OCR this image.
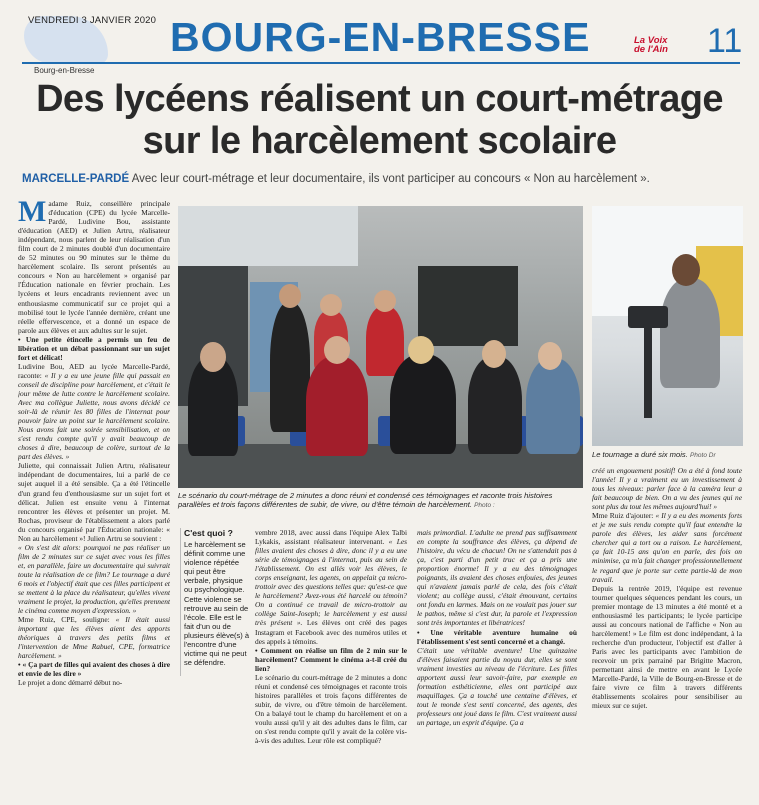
VENDREDI 3 JANVIER 2020 BOURG-EN-BRESSE	La Voix
de l'Ain	11
Bourg-en-Bresse
Des lycéens réalisent un court-métrage
sur le harcèlement scolaire
MARCELLE-PARDÉ Avec leur court-métrage et leur documentaire, ils vont participer au concours « Non au harcèlement ».

Madame Ruiz, conseillère principale d'éducation (CPE) du lycée Marcelle-Pardé, Ludivine Bou, assistante d'éducation (AED) et Julien Artru, réalisateur indépendant, nous parlent de leur réalisation d'un film court de 2 minutes doublé d'un documentaire de 52 minutes ou 90 minutes sur le thème du harcèlement scolaire. Ils seront présentés au concours « Non au harcèlement » organisé par l'Éducation nationale en février prochain. Les lycéens et leurs encadrants reviennent avec un enthousiasme communicatif sur ce projet qui a mobilisé tout le lycée l'année dernière, créant une réelle effervescence, et a donné un espace de parole aux élèves et aux adultes sur le sujet.

• Une petite étincelle a permis un feu de libération et un débat passionnant sur un sujet fort et délicat!

Ludivine Bou, AED au lycée Marcelle-Pardé, raconte: « Il y a eu une jeune fille qui passait en conseil de discipline pour harcèlement, et c'était le jour même de lutte contre le harcèlement scolaire. Avec ma collègue Juliette, nous avons décidé ce soir-là de réunir les 80 filles de l'internat pour pouvoir faire un point sur le harcèlement scolaire. Nous avons fait une soirée sensibilisation, et on s'est rendu compte qu'il y avait beaucoup de choses à dire, beaucoup de colère, surtout de la part des élèves. »

Juliette, qui connaissait Julien Artru, réalisateur indépendant de documentaires, lui a parlé de ce sujet auquel il a été sensible. Ça a été l'étincelle d'un grand feu d'enthousiasme sur un sujet fort et délicat. Julien est ensuite venu à l'internat rencontrer les élèves et présenter un projet. M. Rochas, proviseur de l'établissement a alors parlé du concours organisé par l'Éducation nationale: « Non au harcèlement »! Julien Artru se souvient :

« On s'est dit alors: pourquoi ne pas réaliser un film de 2 minutes sur ce sujet avec vous les filles et, en parallèle, faire un documentaire qui suivrait toute la réalisation de ce film? Le tournage a duré 6 mois et l'objectif était que ces filles participent et se mettent à la place du réalisateur, qu'elles vivent vraiment le projet, la production, qu'elles prennent le cinéma comme moyen d'expression. »

Mme Ruiz, CPE, souligne: « Il était aussi important que les élèves aient des apports théoriques à travers des petits films et l'intervention de Mme Rabuel, CPE, formatrice harcèlement. »

• « Ça part de filles qui avaient des choses à dire et envie de les dire »

Le projet a donc démarré début no-

Le scénario du court-métrage de 2 minutes a donc réuni et condensé ces témoignages et raconte trois histoires parallèles et trois façons différentes de subir, de vivre, ou d'être témoin de harcèlement. Photo :
Le tournage a duré six mois. Photo Dr
C'est quoi ?
Le harcèlement se définit comme une violence répétée qui peut être verbale, physique ou psychologique. Cette violence se retrouve au sein de l'école. Elle est le fait d'un ou de plusieurs élève(s) à l'encontre d'une victime qui ne peut se défendre.

vembre 2018, avec aussi dans l'équipe Alex Talbi Lykakis, assistant réalisateur intervenant. « Les filles avaient des choses à dire, donc il y a eu une série de témoignages à l'internat, puis au sein de l'établissement. On est allés voir les élèves, le corps enseignant, les agents, on appelait ça micro-trottoir avec des questions telles que: qu'est-ce que le harcèlement? Avez-vous été harcelé ou témoin? On a continué ce travail de micro-trottoir au collège Saint-Joseph; le harcèlement y est aussi très présent ». Les élèves ont créé des pages Instagram et Facebook avec des numéros utiles et des appels à témoins.

• Comment on réalise un film de 2 min sur le harcèlement? Comment le cinéma a-t-il créé du lien?

Le scénario du court-métrage de 2 minutes a donc réuni et condensé ces témoignages et raconte trois histoires parallèles et trois façons différentes de subir, de vivre, ou d'être témoin de harcèlement. On a balayé tout le champ du harcèlement et on a voulu aussi qu'il y ait des adultes dans le film, car on s'est rendu compte qu'il y avait de la colère vis-à-vis des adultes. Leur rôle est compliqué?

mais primordial. L'adulte ne prend pas suffisamment en compte la souffrance des élèves, ça dépend de l'histoire, du vécu de chacun! On ne s'attendait pas à ça, c'est parti d'un petit truc et ça a pris une proportion énorme! Il y a eu des témoignages poignants, ils avaient des choses enfouies, des jeunes qui n'avaient jamais parlé de cela, des fois c'était violent; au collège aussi, c'était émouvant, certains ont fondu en larmes. Mais on ne voulait pas jouer sur le pathos, même si c'est dur, la parole et l'expression sont très importantes et libératrices!

• Une véritable aventure humaine où l'établissement s'est senti concerné et a changé.

C'était une véritable aventure! Une quinzaine d'élèves faisaient partie du noyau dur, elles se sont vraiment investies au niveau de l'écriture. Les filles apportent aussi leur savoir-faire, par exemple en formation esthéticienne, elles ont participé aux maquillages. Ça a touché une centaine d'élèves, et tout le monde s'est senti concerné, des agents, des professeurs ont joué dans le film. C'est vraiment aussi un partage, un esprit d'équipe. Ça a

créé un engouement positif! On a été à fond toute l'année! Il y a vraiment eu un investissement à tous les niveaux: parler face à la caméra leur a fait beaucoup de bien. On a vu des jeunes qui ne sont plus du tout les mêmes aujourd'hui! »

Mme Ruiz d'ajouter: « Il y a eu des moments forts et je me suis rendu compte qu'il faut entendre la parole des élèves, les aider sans forcément chercher qui a tort ou a raison. Le harcèlement, ça fait 10-15 ans qu'on en parle, des fois on minimise, ça m'a fait changer professionnellement le regard que je porte sur cette partie-là de mon travail.

Depuis la rentrée 2019, l'équipe est revenue tourner quelques séquences pendant les cours, un premier montage de 13 minutes a été monté et a enthousiasmé les participants; le lycée participe aussi au concours national de l'affiche « Non au harcèlement! » Le film est donc indépendant, à la recherche d'un producteur, l'objectif est d'aller à Paris avec les participants avec l'ambition de recevoir un prix parrainé par Brigitte Macron, permettant ainsi de mettre en avant le Lycée Marcelle-Pardé, la Ville de Bourg-en-Bresse et de faire vivre ce film à travers différents établissements scolaires pour sensibiliser au mieux sur ce sujet.
